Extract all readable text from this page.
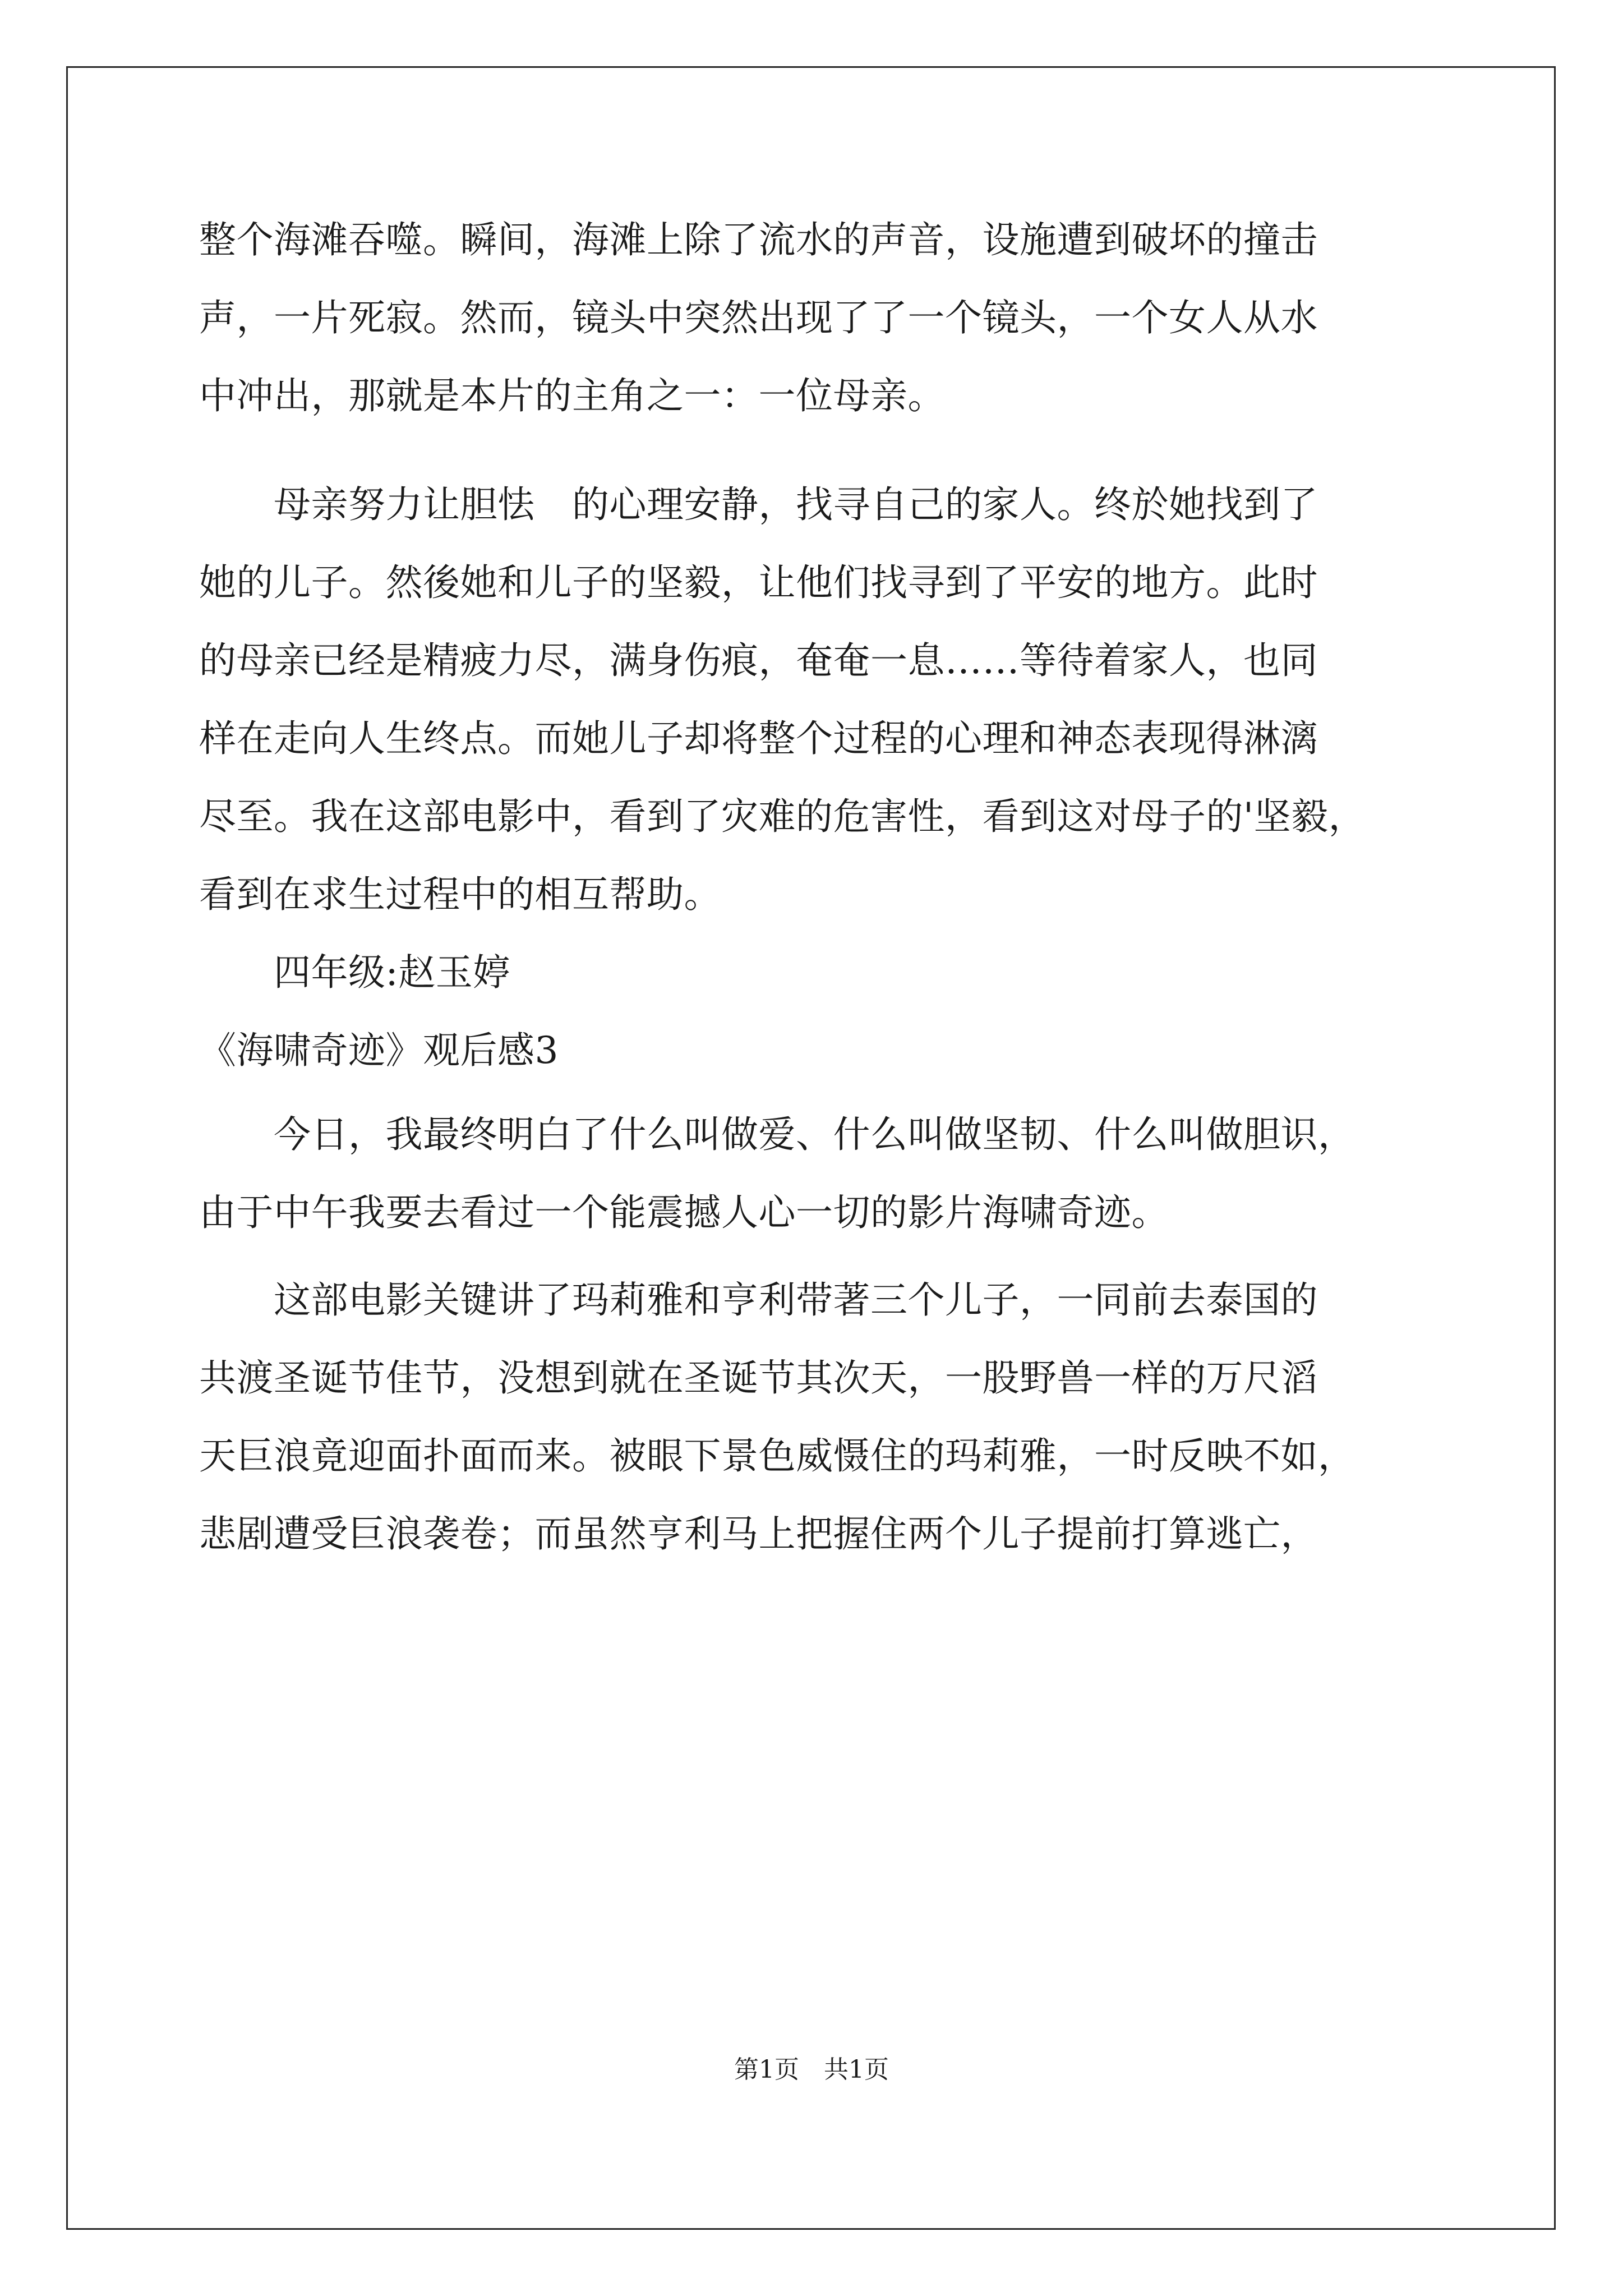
整个海滩吞噬。瞬间，海滩上除了流水的声音，设施遭到破坏的撞击
声，一片死寂。然而，镜头中突然出现了了一个镜头，一个女人从水
中冲出，那就是本片的主角之一：一位母亲。
　　母亲努力让胆怯　的心理安静，找寻自己的家人。终於她找到了
她的儿子。然後她和儿子的坚毅，让他们找寻到了平安的地方。此时
的母亲已经是精疲力尽，满身伤痕，奄奄一息……等待着家人，也同
样在走向人生终点。而她儿子却将整个过程的心理和神态表现得淋漓
尽至。我在这部电影中，看到了灾难的危害性，看到这对母子的'坚毅，
看到在求生过程中的相互帮助。
　　四年级:赵玉婷
《海啸奇迹》观后感3
　　今日，我最终明白了什么叫做爱、什么叫做坚韧、什么叫做胆识，
由于中午我要去看过一个能震撼人心一切的影片海啸奇迹。
　　这部电影关键讲了玛莉雅和亨利带著三个儿子，一同前去泰国的
共渡圣诞节佳节，没想到就在圣诞节其次天，一股野兽一样的万尺滔
天巨浪竟迎面扑面而来。被眼下景色威慑住的玛莉雅，一时反映不如，
悲剧遭受巨浪袭卷；而虽然亨利马上把握住两个儿子提前打算逃亡，
第1页　共1页
